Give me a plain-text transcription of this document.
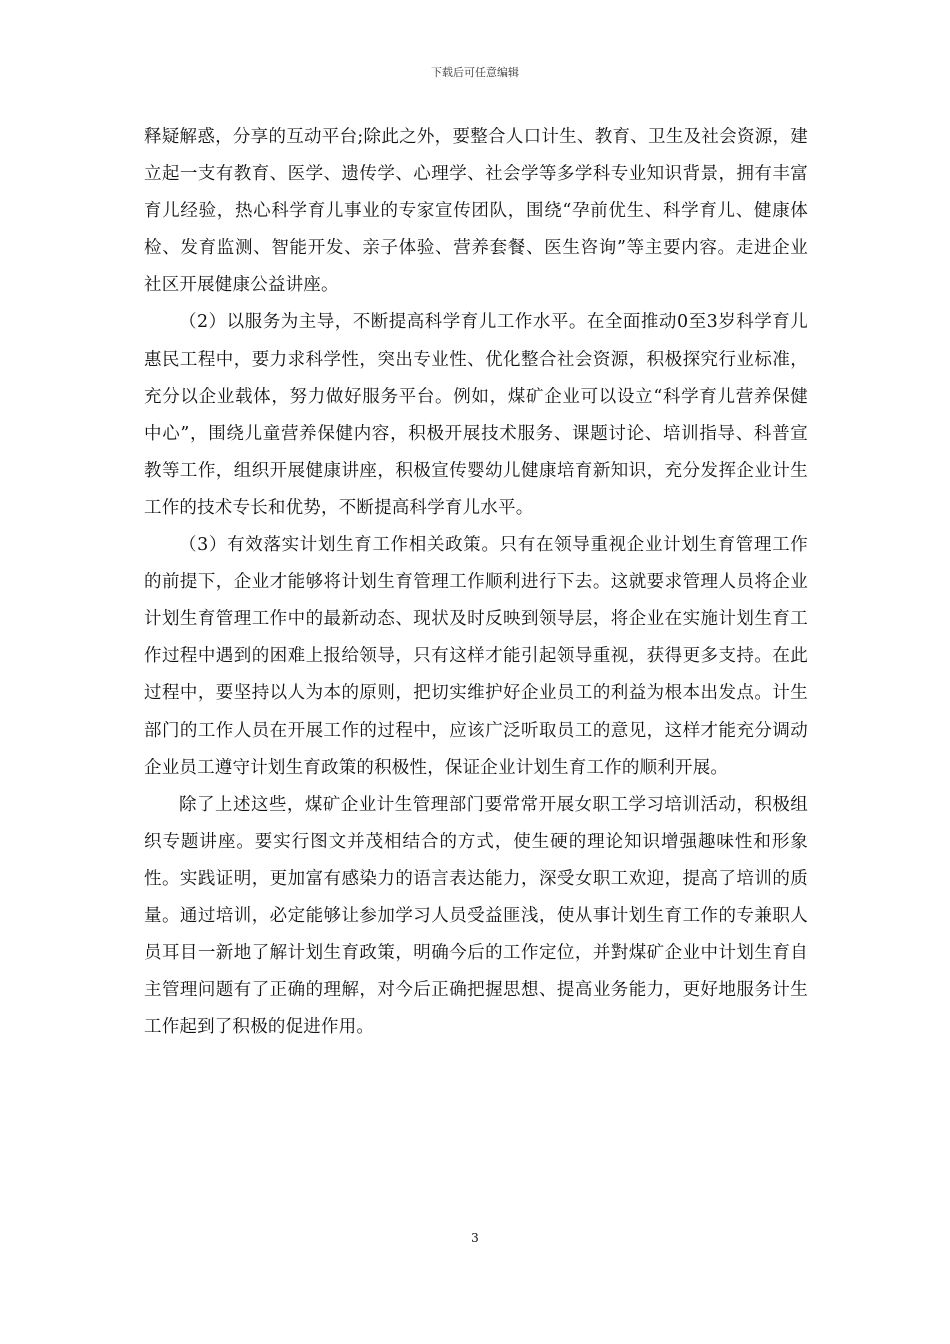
下载后可任意编辑

释疑解惑，分享的互动平台;除此之外，要整合人口计生、教育、卫生及社会资源，建立起一支有教育、医学、遗传学、心理学、社会学等多学科专业知识背景，拥有丰富育儿经验，热心科学育儿事业的专家宣传团队，围绕“孕前优生、科学育儿、健康体检、发育监测、智能开发、亲子体验、营养套餐、医生咨询”等主要内容。走进企业社区开展健康公益讲座。

（2）以服务为主导，不断提高科学育儿工作水平。在全面推动0至3岁科学育儿惠民工程中，要力求科学性，突出专业性、优化整合社会资源，积极探究行业标准，充分以企业载体，努力做好服务平台。例如，煤矿企业可以设立“科学育儿营养保健中心”，围绕儿童营养保健内容，积极开展技术服务、课题讨论、培训指导、科普宣教等工作，组织开展健康讲座，积极宣传婴幼儿健康培育新知识，充分发挥企业计生工作的技术专长和优势，不断提高科学育儿水平。

（3）有效落实计划生育工作相关政策。只有在领导重视企业计划生育管理工作的前提下，企业才能够将计划生育管理工作顺利进行下去。这就要求管理人员将企业计划生育管理工作中的最新动态、现状及时反映到领导层，将企业在实施计划生育工作过程中遇到的困难上报给领导，只有这样才能引起领导重视，获得更多支持。在此过程中，要坚持以人为本的原则，把切实维护好企业员工的利益为根本出发点。计生部门的工作人员在开展工作的过程中，应该广泛听取员工的意见，这样才能充分调动企业员工遵守计划生育政策的积极性，保证企业计划生育工作的顺利开展。

除了上述这些，煤矿企业计生管理部门要常常开展女职工学习培训活动，积极组织专题讲座。要实行图文并茂相结合的方式，使生硬的理论知识增强趣味性和形象性。实践证明，更加富有感染力的语言表达能力，深受女职工欢迎，提高了培训的质量。通过培训，必定能够让参加学习人员受益匪浅，使从事计划生育工作的专兼职人员耳目一新地了解计划生育政策，明确今后的工作定位，并對煤矿企业中计划生育自主管理问题有了正确的理解，对今后正确把握思想、提高业务能力，更好地服务计生工作起到了积极的促进作用。

3
